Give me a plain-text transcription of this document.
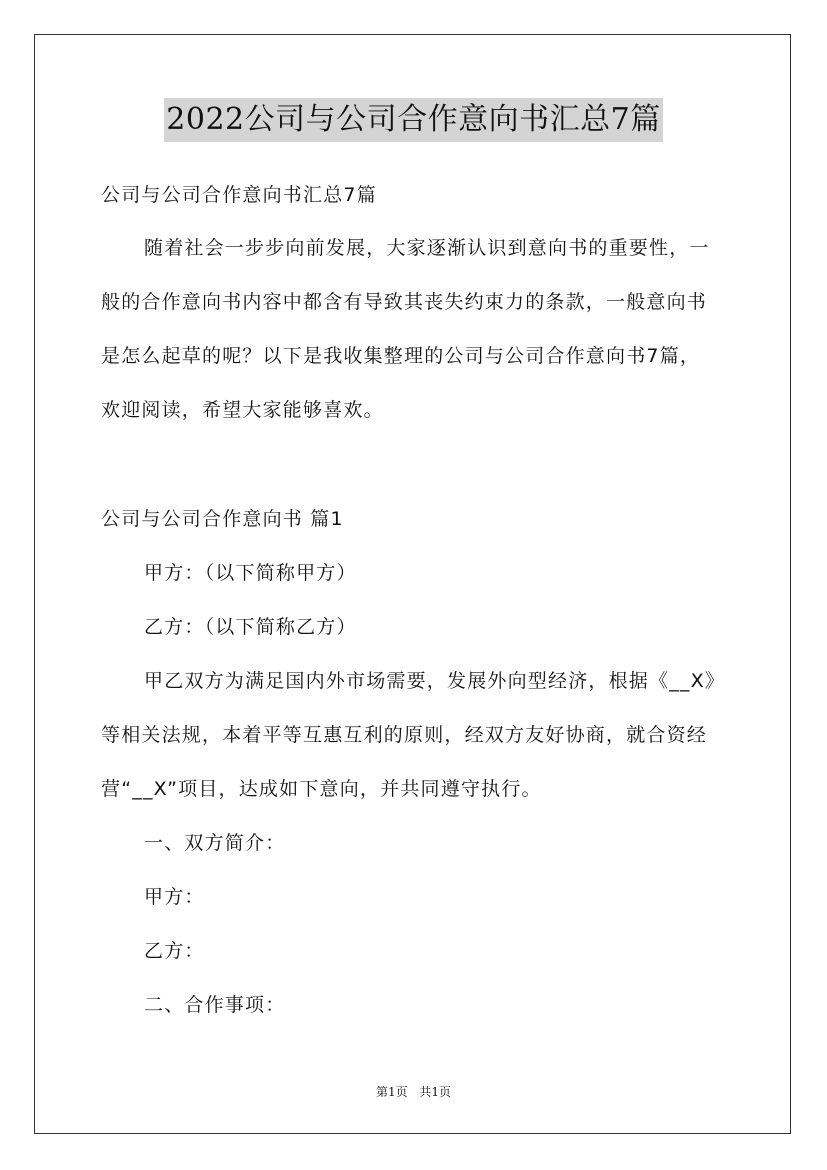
2022公司与公司合作意向书汇总7篇
公司与公司合作意向书汇总7篇
随着社会一步步向前发展，大家逐渐认识到意向书的重要性，一
般的合作意向书内容中都含有导致其丧失约束力的条款，一般意向书
是怎么起草的呢？以下是我收集整理的公司与公司合作意向书7篇，
欢迎阅读，希望大家能够喜欢。
公司与公司合作意向书 篇1
甲方：（以下简称甲方）
乙方：（以下简称乙方）
甲乙双方为满足国内外市场需要，发展外向型经济，根据《__X》
等相关法规，本着平等互惠互利的原则，经双方友好协商，就合资经
营“__X”项目，达成如下意向，并共同遵守执行。
一、双方简介：
甲方：
乙方：
二、合作事项：
第1页 共1页
